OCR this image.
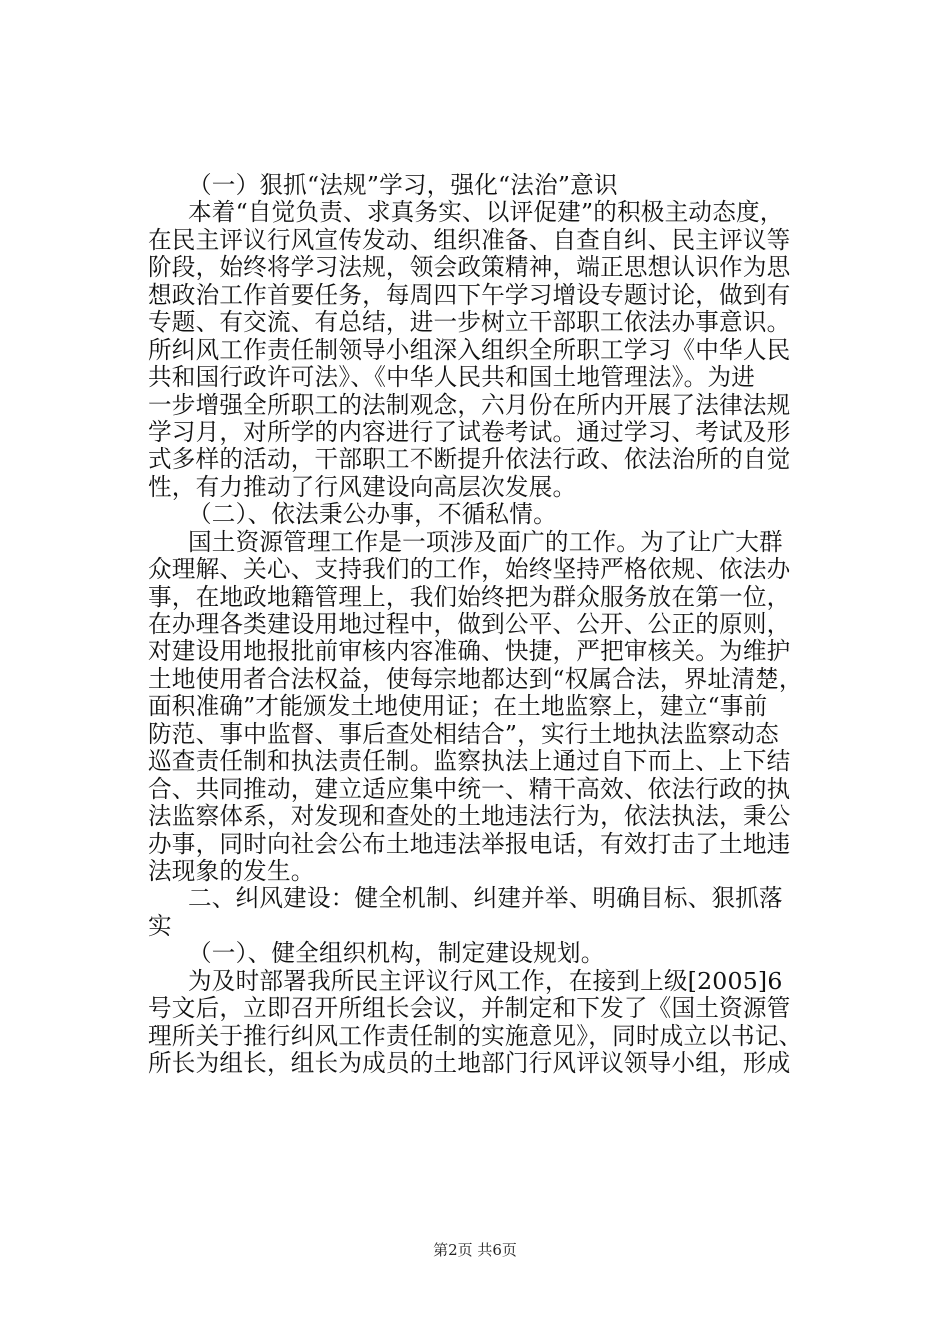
（一）狠抓“法规”学习，强化“法治”意识
本着“自觉负责、求真务实、以评促建”的积极主动态度，
在民主评议行风宣传发动、组织准备、自查自纠、民主评议等
阶段，始终将学习法规，领会政策精神，端正思想认识作为思
想政治工作首要任务，每周四下午学习增设专题讨论，做到有
专题、有交流、有总结，进一步树立干部职工依法办事意识。
所纠风工作责任制领导小组深入组织全所职工学习《中华人民
共和国行政许可法》、《中华人民共和国土地管理法》。为进
一步增强全所职工的法制观念，六月份在所内开展了法律法规
学习月，对所学的内容进行了试卷考试。通过学习、考试及形
式多样的活动，干部职工不断提升依法行政、依法治所的自觉
性，有力推动了行风建设向高层次发展。
（二）、依法秉公办事，不循私情。
国土资源管理工作是一项涉及面广的工作。为了让广大群
众理解、关心、支持我们的工作，始终坚持严格依规、依法办
事，在地政地籍管理上，我们始终把为群众服务放在第一位，
在办理各类建设用地过程中，做到公平、公开、公正的原则，
对建设用地报批前审核内容准确、快捷，严把审核关。为维护
土地使用者合法权益，使每宗地都达到“权属合法，界址清楚，
面积准确”才能颁发土地使用证；在土地监察上，建立“事前
防范、事中监督、事后查处相结合”，实行土地执法监察动态
巡查责任制和执法责任制。监察执法上通过自下而上、上下结
合、共同推动，建立适应集中统一、精干高效、依法行政的执
法监察体系，对发现和查处的土地违法行为，依法执法，秉公
办事，同时向社会公布土地违法举报电话，有效打击了土地违
法现象的发生。
二、纠风建设：健全机制、纠建并举、明确目标、狠抓落
实
（一）、健全组织机构，制定建设规划。
为及时部署我所民主评议行风工作，在接到上级[2005]6
号文后，立即召开所组长会议，并制定和下发了《国土资源管
理所关于推行纠风工作责任制的实施意见》，同时成立以书记、
所长为组长，组长为成员的土地部门行风评议领导小组，形成
第2页 共6页
